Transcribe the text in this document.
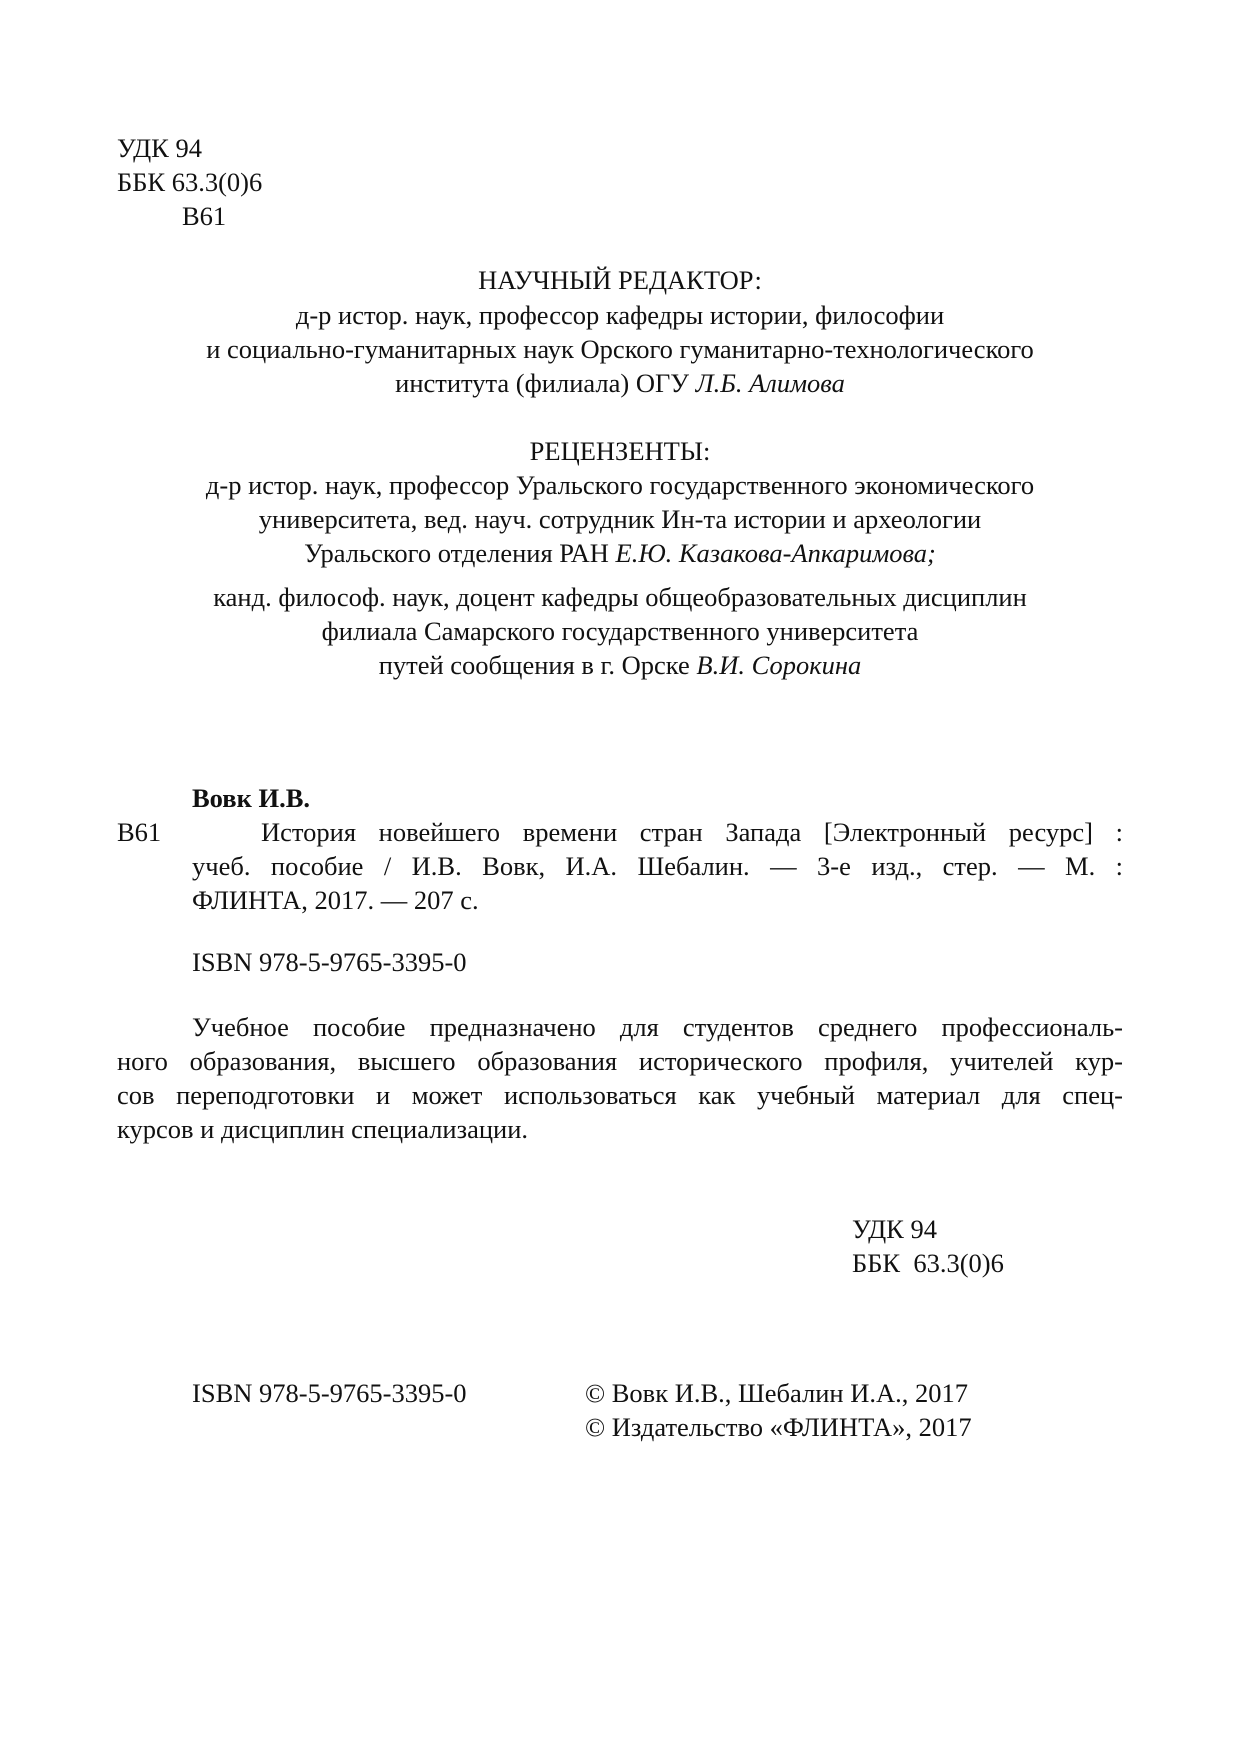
УДК 94
ББК 63.3(0)6
В61
НАУЧНЫЙ РЕДАКТОР:
д-р истор. наук, профессор кафедры истории, философии
и социально-гуманитарных наук Орского гуманитарно-технологического
института (филиала) ОГУ Л.Б. Алимова
РЕЦЕНЗЕНТЫ:
д-р истор. наук, профессор Уральского государственного экономического
университета, вед. науч. сотрудник Ин-та истории и археологии
Уральского отделения РАН Е.Ю. Казакова-Апкаримова;
канд. философ. наук, доцент кафедры общеобразовательных дисциплин
филиала Самарского государственного университета
путей сообщения в г. Орске В.И. Сорокина
Вовк И.В.
В61	История новейшего времени стран Запада [Электронный ресурс] :
учеб. пособие / И.В. Вовк, И.А. Шебалин. — 3-е изд., стер. — М. :
ФЛИНТА, 2017. — 207 с.
ISBN 978-5-9765-3395-0
Учебное пособие предназначено для студентов среднего профессиональ-
ного образования, высшего образования исторического профиля, учителей кур-
сов переподготовки и может использоваться как учебный материал для спец-
курсов и дисциплин специализации.
УДК 94
ББК  63.3(0)6
ISBN 978-5-9765-3395-0	© Вовк И.В., Шебалин И.А., 2017
© Издательство «ФЛИНТА», 2017
